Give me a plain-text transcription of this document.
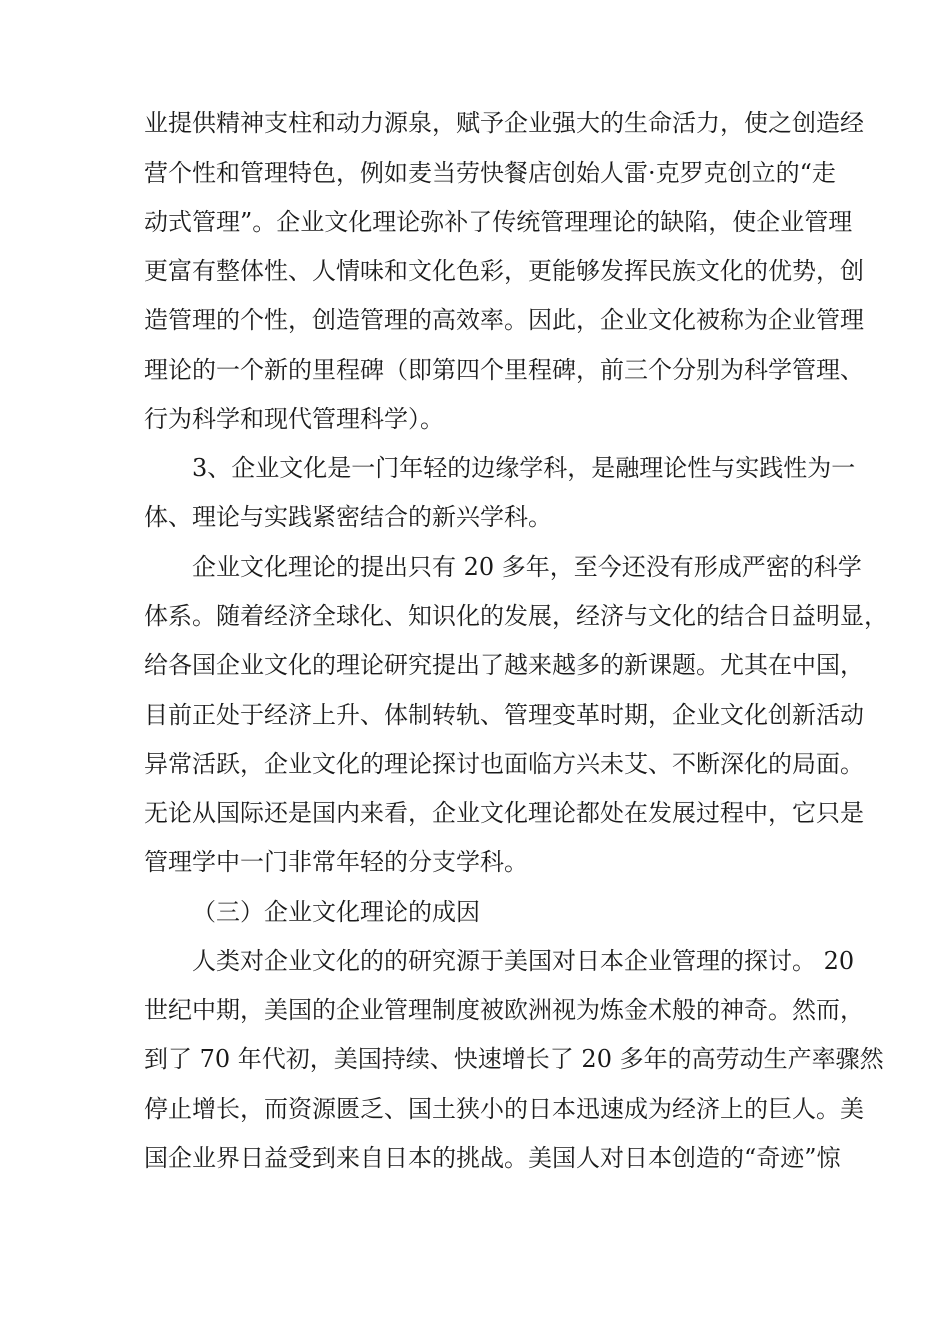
业提供精神支柱和动力源泉，赋予企业强大的生命活力，使之创造经
营个性和管理特色，例如麦当劳快餐店创始人雷·克罗克创立的“走
动式管理”。企业文化理论弥补了传统管理理论的缺陷，使企业管理
更富有整体性、人情味和文化色彩，更能够发挥民族文化的优势，创
造管理的个性，创造管理的高效率。因此，企业文化被称为企业管理
理论的一个新的里程碑（即第四个里程碑，前三个分别为科学管理、
行为科学和现代管理科学）。
3、企业文化是一门年轻的边缘学科，是融理论性与实践性为一
体、理论与实践紧密结合的新兴学科。
企业文化理论的提出只有 20 多年，至今还没有形成严密的科学
体系。随着经济全球化、知识化的发展，经济与文化的结合日益明显，
给各国企业文化的理论研究提出了越来越多的新课题。尤其在中国，
目前正处于经济上升、体制转轨、管理变革时期，企业文化创新活动
异常活跃，企业文化的理论探讨也面临方兴未艾、不断深化的局面。
无论从国际还是国内来看，企业文化理论都处在发展过程中，它只是
管理学中一门非常年轻的分支学科。
（三）企业文化理论的成因
人类对企业文化的的研究源于美国对日本企业管理的探讨。 20
世纪中期，美国的企业管理制度被欧洲视为炼金术般的神奇。然而，
到了 70 年代初，美国持续、快速增长了 20 多年的高劳动生产率骤然
停止增长，而资源匮乏、国土狭小的日本迅速成为经济上的巨人。美
国企业界日益受到来自日本的挑战。美国人对日本创造的“奇迹”惊
